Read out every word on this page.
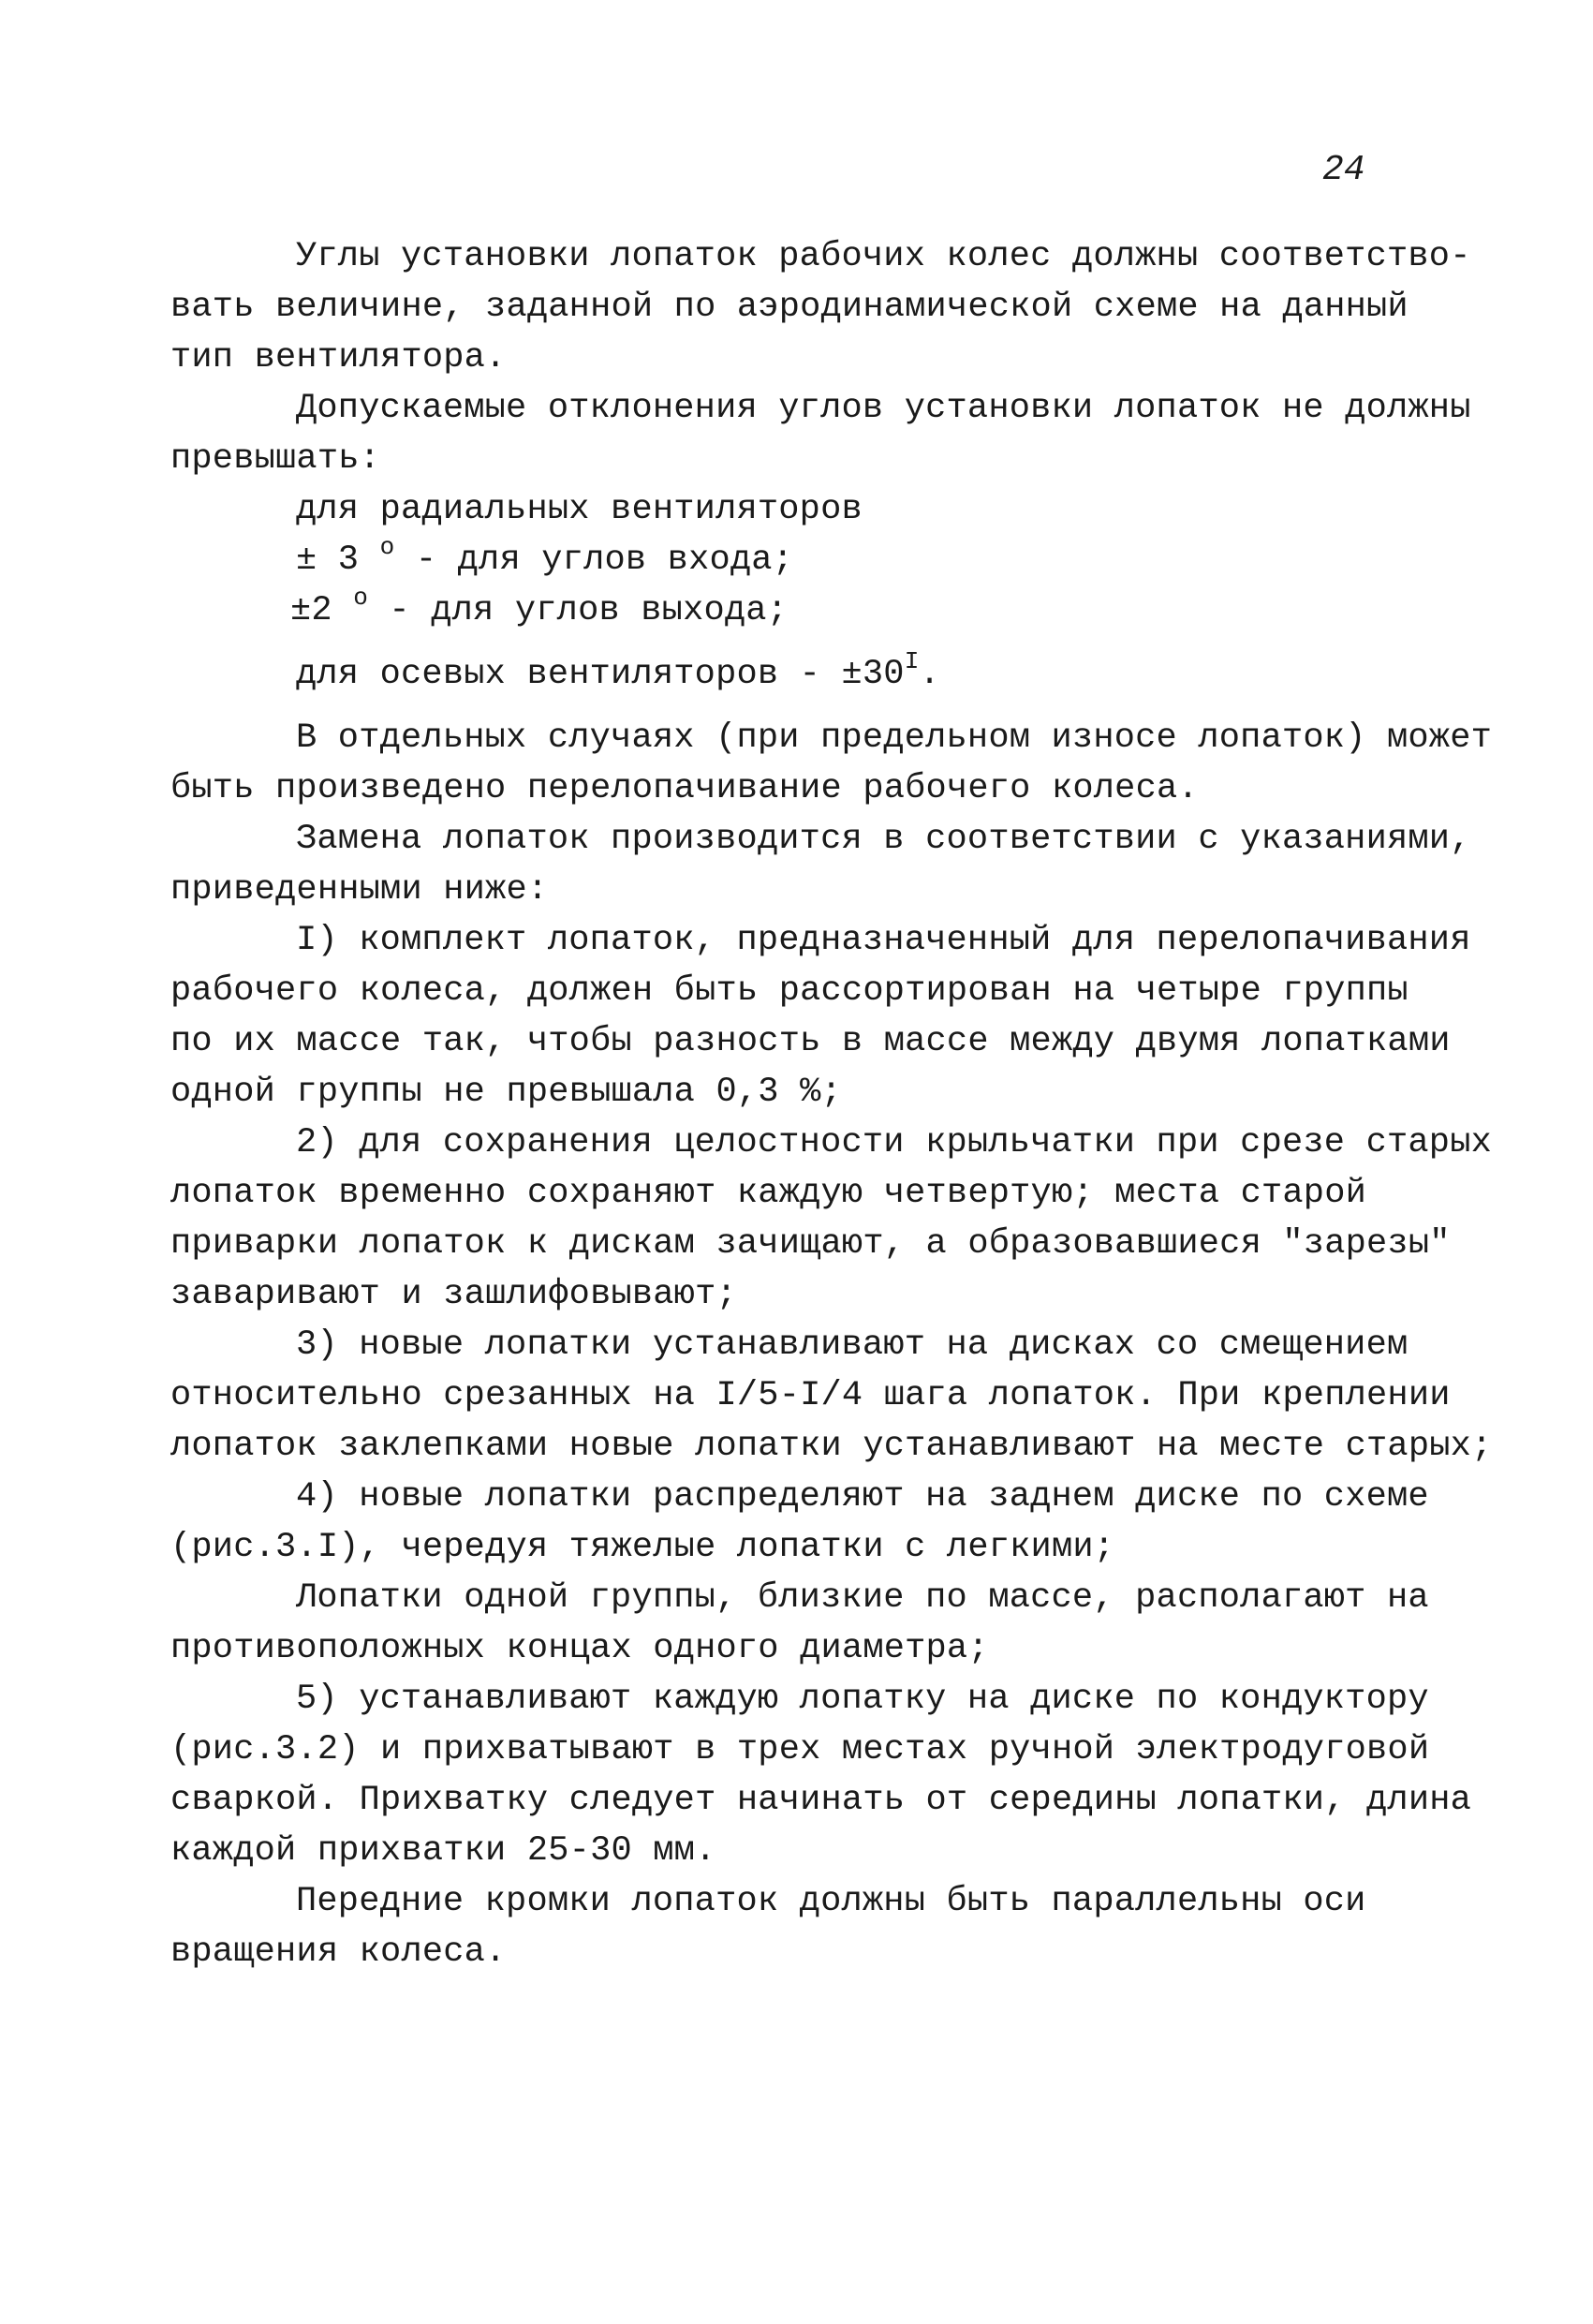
24
Углы установки лопаток рабочих колес должны соответство-
вать величине, заданной по аэродинамической схеме на данный
тип вентилятора.
Допускаемые отклонения углов установки лопаток не должны
превышать:
для радиальных вентиляторов
± 3 $^о$ - для углов входа;
±2 $^о$ - для углов выхода;
для осевых вентиляторов - $\pm 30^I$.
В отдельных случаях (при предельном износе лопаток) может
быть произведено перелопачивание рабочего колеса.
Замена лопаток производится в соответствии с указаниями,
приведенными ниже:
I) комплект лопаток, предназначенный для перелопачивания
рабочего колеса, должен быть рассортирован на четыре группы
по их массе так, чтобы разность в массе между двумя лопатками
одной группы не превышала 0,3 %;
2) для сохранения целостности крыльчатки при срезе старых
лопаток временно сохраняют каждую четвертую; места старой
приварки лопаток к дискам зачищают, а образовавшиеся "зарезы"
заваривают и зашлифовывают;
3) новые лопатки устанавливают на дисках со смещением
относительно срезанных на I/5-I/4 шага лопаток. При креплении
лопаток заклепками новые лопатки устанавливают на месте старых;
4) новые лопатки распределяют на заднем диске по схеме
(рис.3.I), чередуя тяжелые лопатки с легкими;
Лопатки одной группы, близкие по массе, располагают на
противоположных концах одного диаметра;
5) устанавливают каждую лопатку на диске по кондуктору
(рис.3.2) и прихватывают в трех местах ручной электродуговой
сваркой. Прихватку следует начинать от середины лопатки, длина
каждой прихватки 25-30 мм.
Передние кромки лопаток должны быть параллельны оси
вращения колеса.
